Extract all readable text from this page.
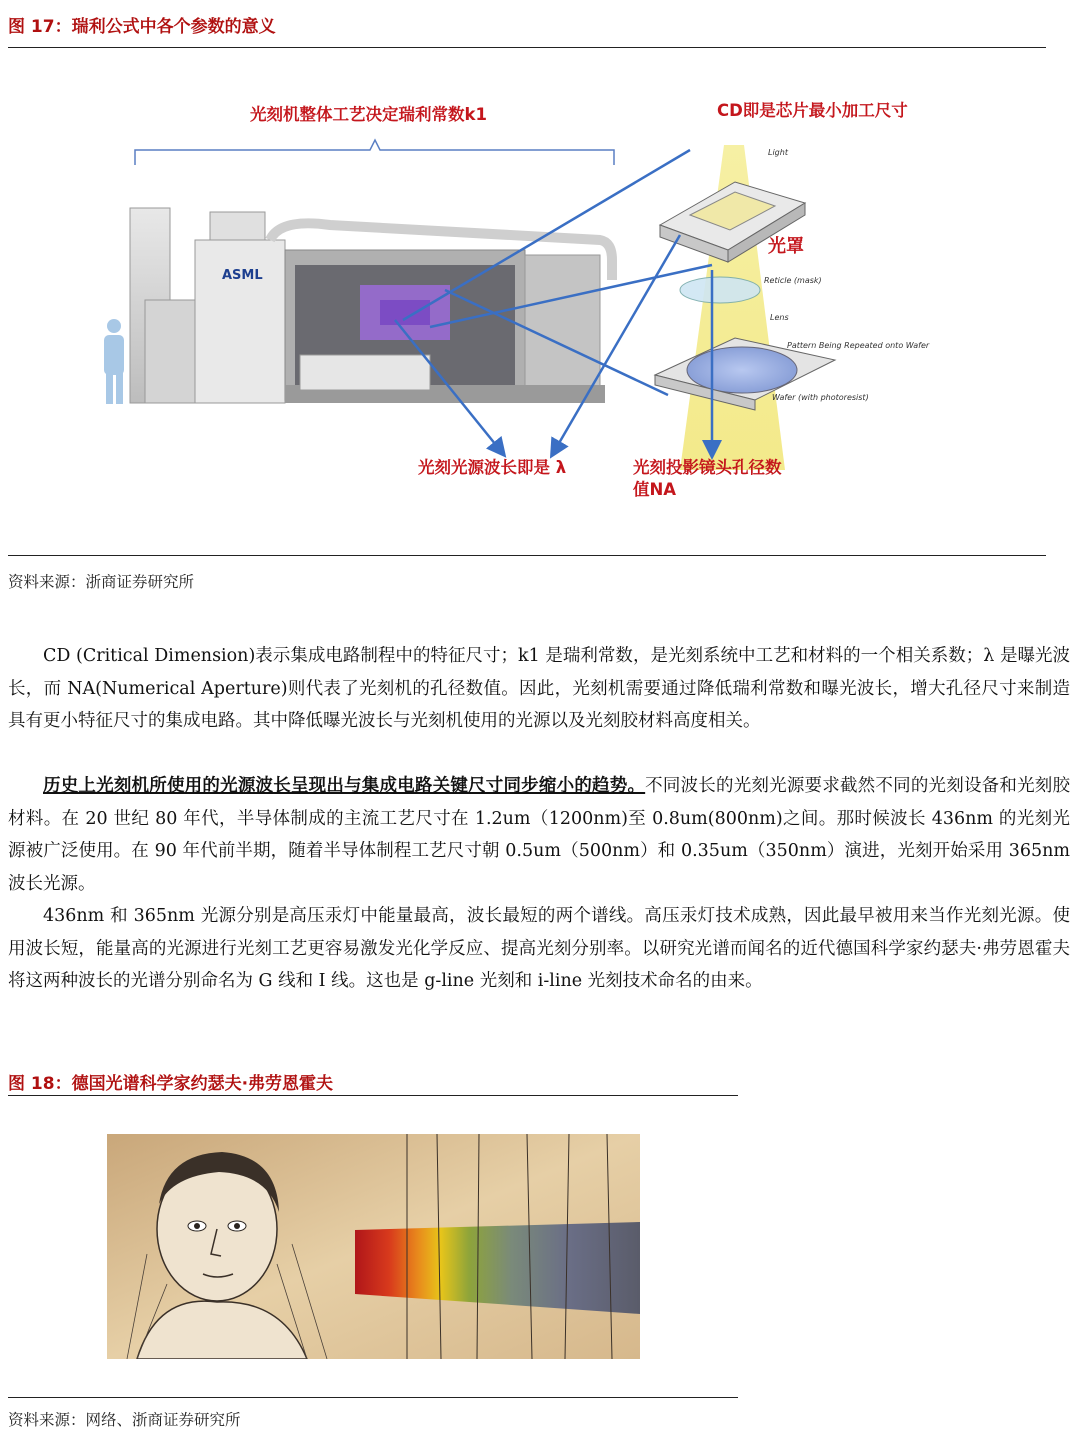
图 17：瑞利公式中各个参数的意义
ASML
Light
Reticle (mask)
Lens
Pattern Being Repeated onto Wafer
Wafer (with photoresist)
光刻机整体工艺决定瑞利常数k1	CD即是芯片最小加工尺寸
光罩
光刻光源波长即是 λ	光刻投影镜头孔径数
值NA
资料来源：浙商证券研究所

CD (Critical Dimension)表示集成电路制程中的特征尺寸；k1 是瑞利常数，是光刻系统中工艺和材料的一个相关系数；λ 是曝光波长，而 NA(Numerical Aperture)则代表了光刻机的孔径数值。因此，光刻机需要通过降低瑞利常数和曝光波长，增大孔径尺寸来制造具有更小特征尺寸的集成电路。其中降低曝光波长与光刻机使用的光源以及光刻胶材料高度相关。

历史上光刻机所使用的光源波长呈现出与集成电路关键尺寸同步缩小的趋势。不同波长的光刻光源要求截然不同的光刻设备和光刻胶材料。在 20 世纪 80 年代，半导体制成的主流工艺尺寸在 1.2um（1200nm)至 0.8um(800nm)之间。那时候波长 436nm 的光刻光源被广泛使用。在 90 年代前半期，随着半导体制程工艺尺寸朝 0.5um（500nm）和 0.35um（350nm）演进，光刻开始采用 365nm 波长光源。

436nm 和 365nm 光源分别是高压汞灯中能量最高，波长最短的两个谱线。高压汞灯技术成熟，因此最早被用来当作光刻光源。使用波长短，能量高的光源进行光刻工艺更容易激发光化学反应、提高光刻分别率。以研究光谱而闻名的近代德国科学家约瑟夫·弗劳恩霍夫将这两种波长的光谱分别命名为 G 线和 I 线。这也是 g-line 光刻和 i-line 光刻技术命名的由来。

图 18：德国光谱科学家约瑟夫·弗劳恩霍夫
资料来源：网络、浙商证券研究所
